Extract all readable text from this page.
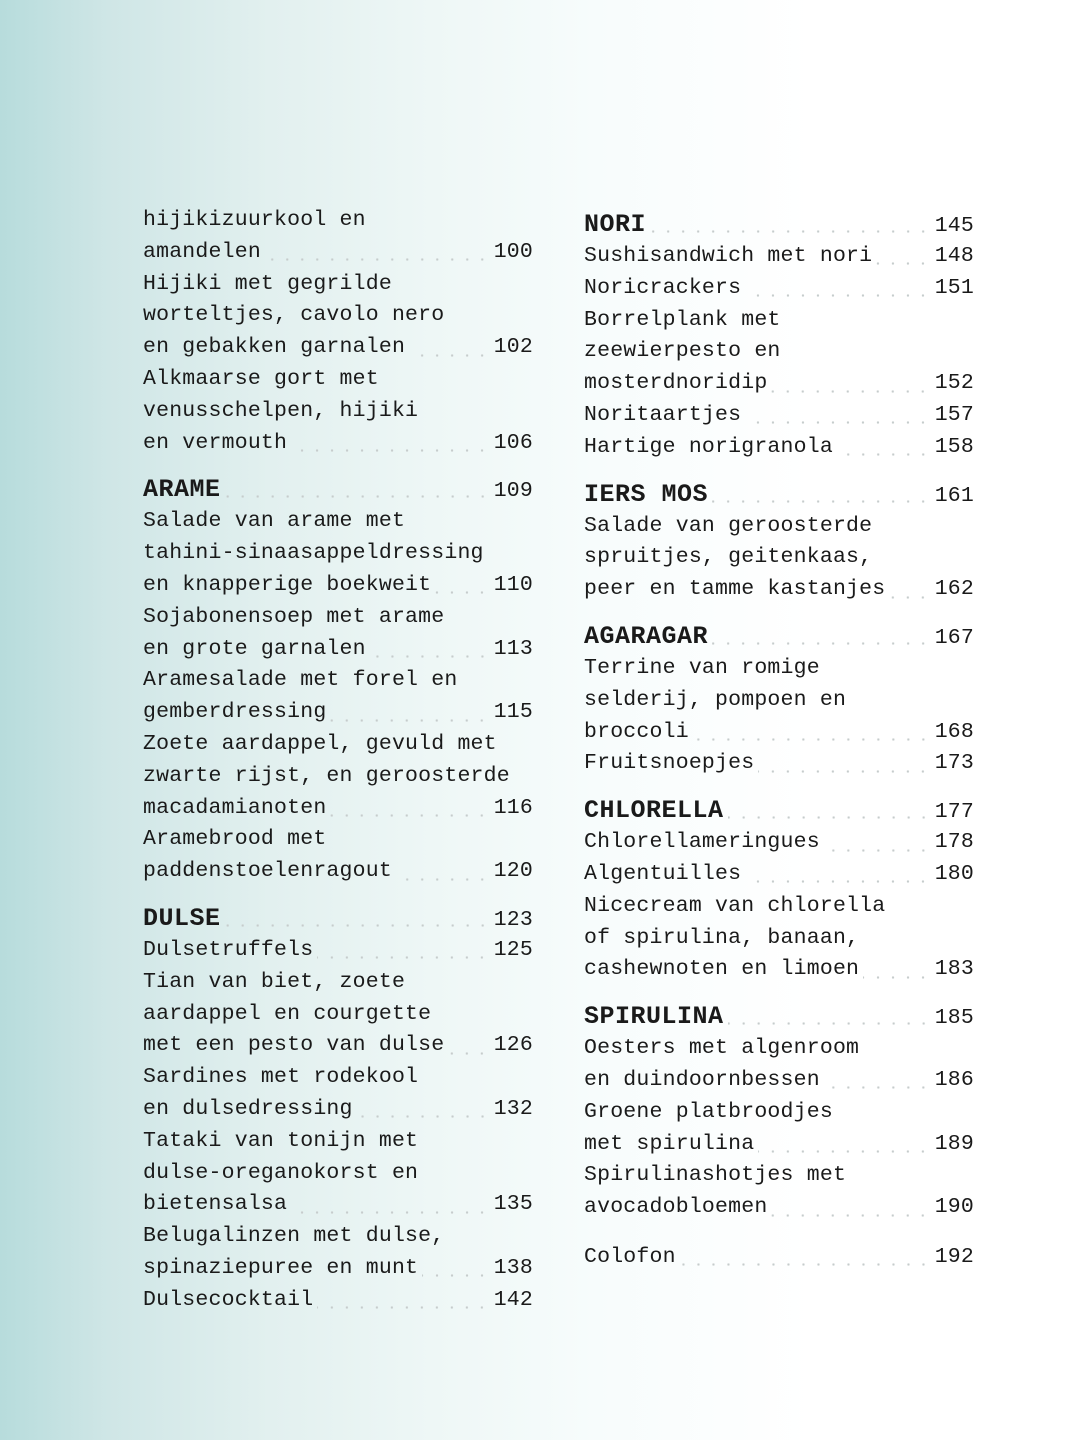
hijikizuurkool en
amandelen	100
Hijiki met gegrilde
worteltjes, cavolo nero
en gebakken garnalen	102
Alkmaarse gort met
venusschelpen, hijiki
en vermouth	106
ARAME	109
Salade van arame met
tahini-sinaasappeldressing
en knapperige boekweit	110
Sojabonensoep met arame
en grote garnalen	113
Aramesalade met forel en
gemberdressing	115
Zoete aardappel, gevuld met
zwarte rijst, en geroosterde
macadamianoten	116
Aramebrood met
paddenstoelenragout	120
DULSE	123
Dulsetruffels	125
Tian van biet, zoete
aardappel en courgette
met een pesto van dulse 126
Sardines met rodekool
en dulsedressing	132
Tataki van tonijn met
dulse-oreganokorst en
bietensalsa	135
Belugalinzen met dulse,
spinaziepuree en munt	138
Dulsecocktail	142
NORI	145
Sushisandwich met nori	148
Noricrackers	151
Borrelplank met
zeewierpesto en
mosterdnoridip	152
Noritaartjes	157
Hartige norigranola	158
IERS MOS	161
Salade van geroosterde
spruitjes, geitenkaas,
peer en tamme kastanjes 162
AGARAGAR	167
Terrine van romige
selderij, pompoen en
broccoli	168
Fruitsnoepjes	173
CHLORELLA	177
Chlorellameringues	178
Algentuilles	180
Nicecream van chlorella
of spirulina, banaan,
cashewnoten en limoen	183
SPIRULINA	185
Oesters met algenroom
en duindoornbessen	186
Groene platbroodjes
met spirulina	189
Spirulinashotjes met
avocadobloemen	190
Colofon	192
